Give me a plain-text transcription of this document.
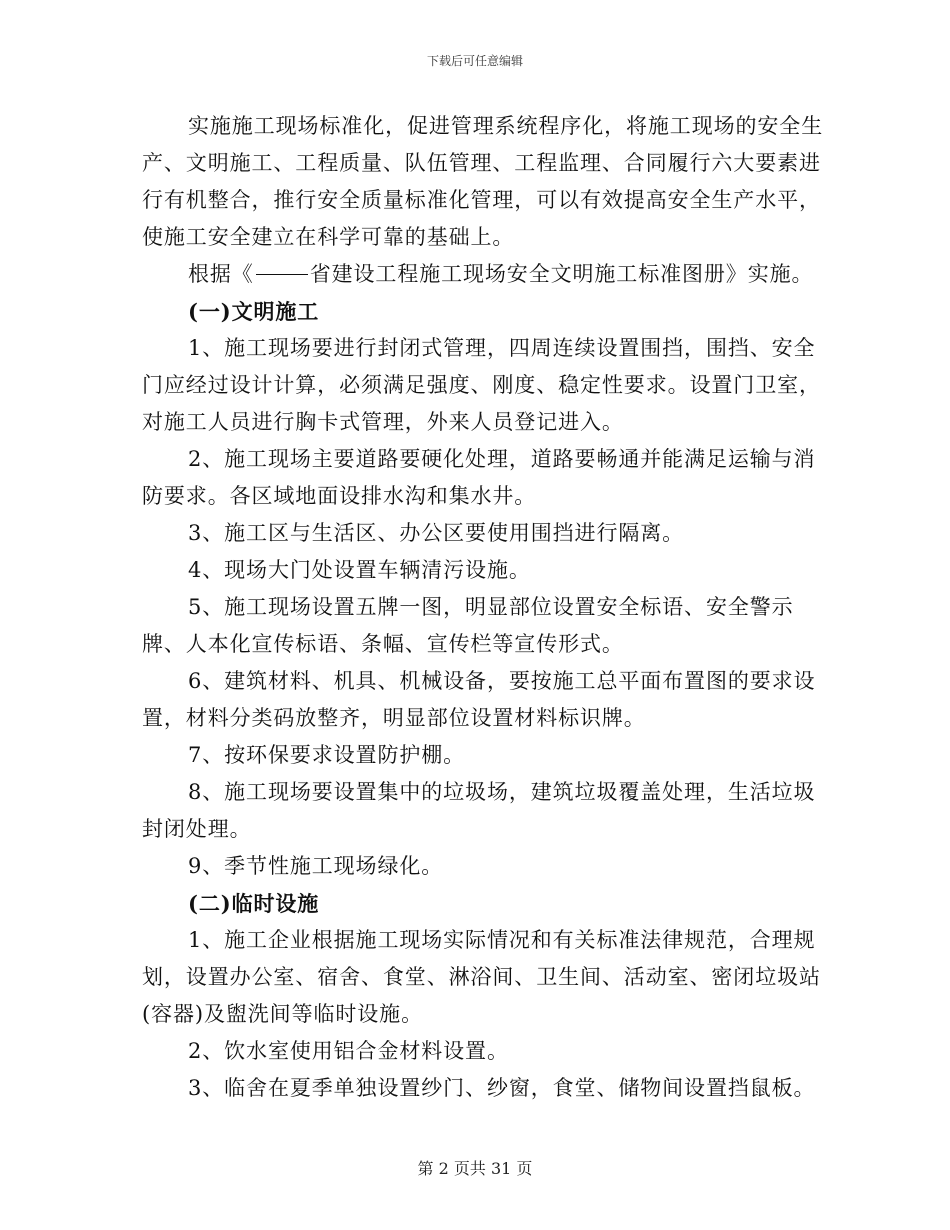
下载后可任意编辑

实施施工现场标准化，促进管理系统程序化，将施工现场的安全生产、文明施工、工程质量、队伍管理、工程监理、合同履行六大要素进行有机整合，推行安全质量标准化管理，可以有效提高安全生产水平，使施工安全建立在科学可靠的基础上。

根据《	省建设工程施工现场安全文明施工标准图册》实施。

(一)文明施工

1、施工现场要进行封闭式管理，四周连续设置围挡，围挡、安全门应经过设计计算，必须满足强度、刚度、稳定性要求。设置门卫室，对施工人员进行胸卡式管理，外来人员登记进入。

2、施工现场主要道路要硬化处理，道路要畅通并能满足运输与消防要求。各区域地面设排水沟和集水井。

3、施工区与生活区、办公区要使用围挡进行隔离。

4、现场大门处设置车辆清污设施。

5、施工现场设置五牌一图，明显部位设置安全标语、安全警示牌、人本化宣传标语、条幅、宣传栏等宣传形式。

6、建筑材料、机具、机械设备，要按施工总平面布置图的要求设置，材料分类码放整齐，明显部位设置材料标识牌。

7、按环保要求设置防护棚。

8、施工现场要设置集中的垃圾场，建筑垃圾覆盖处理，生活垃圾封闭处理。

9、季节性施工现场绿化。

(二)临时设施

1、施工企业根据施工现场实际情况和有关标准法律规范，合理规划，设置办公室、宿舍、食堂、淋浴间、卫生间、活动室、密闭垃圾站(容器)及盥洗间等临时设施。

2、饮水室使用铝合金材料设置。

3、临舍在夏季单独设置纱门、纱窗，食堂、储物间设置挡鼠板。

第 2 页共 31 页
